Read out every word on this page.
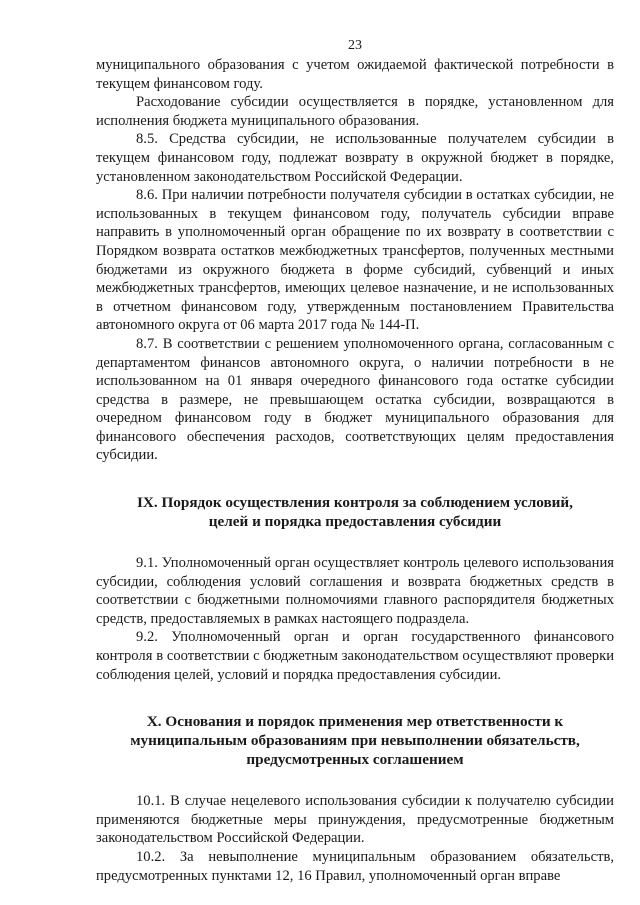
23

муниципального образования с учетом ожидаемой фактической потребности в текущем финансовом году.

Расходование субсидии осуществляется в порядке, установленном для исполнения бюджета муниципального образования.

8.5. Средства субсидии, не использованные получателем субсидии в текущем финансовом году, подлежат возврату в окружной бюджет в порядке, установленном законодательством Российской Федерации.

8.6. При наличии потребности получателя субсидии в остатках субсидии, не использованных в текущем финансовом году, получатель субсидии вправе направить в уполномоченный орган обращение по их возврату в соответствии с Порядком возврата остатков межбюджетных трансфертов, полученных местными бюджетами из окружного бюджета в форме субсидий, субвенций и иных межбюджетных трансфертов, имеющих целевое назначение, и не использованных в отчетном финансовом году, утвержденным постановлением Правительства автономного округа от 06 марта 2017 года № 144-П.

8.7. В соответствии с решением уполномоченного органа, согласованным с департаментом финансов автономного округа, о наличии потребности в не использованном на 01 января очередного финансового года остатке субсидии средства в размере, не превышающем остатка субсидии, возвращаются в очередном финансовом году в бюджет муниципального образования для финансового обеспечения расходов, соответствующих целям предоставления субсидии.

IX. Порядок осуществления контроля за соблюдением условий,
целей и порядка предоставления субсидии

9.1. Уполномоченный орган осуществляет контроль целевого использования субсидии, соблюдения условий соглашения и возврата бюджетных средств в соответствии с бюджетными полномочиями главного распорядителя бюджетных средств, предоставляемых в рамках настоящего подраздела.

9.2. Уполномоченный орган и орган государственного финансового контроля в соответствии с бюджетным законодательством осуществляют проверки соблюдения целей, условий и порядка предоставления субсидии.

X. Основания и порядок применения мер ответственности к
муниципальным образованиям при невыполнении обязательств,
предусмотренных соглашением

10.1. В случае нецелевого использования субсидии к получателю субсидии применяются бюджетные меры принуждения, предусмотренные бюджетным законодательством Российской Федерации.

10.2. За невыполнение муниципальным образованием обязательств, предусмотренных пунктами 12, 16 Правил, уполномоченный орган вправе
